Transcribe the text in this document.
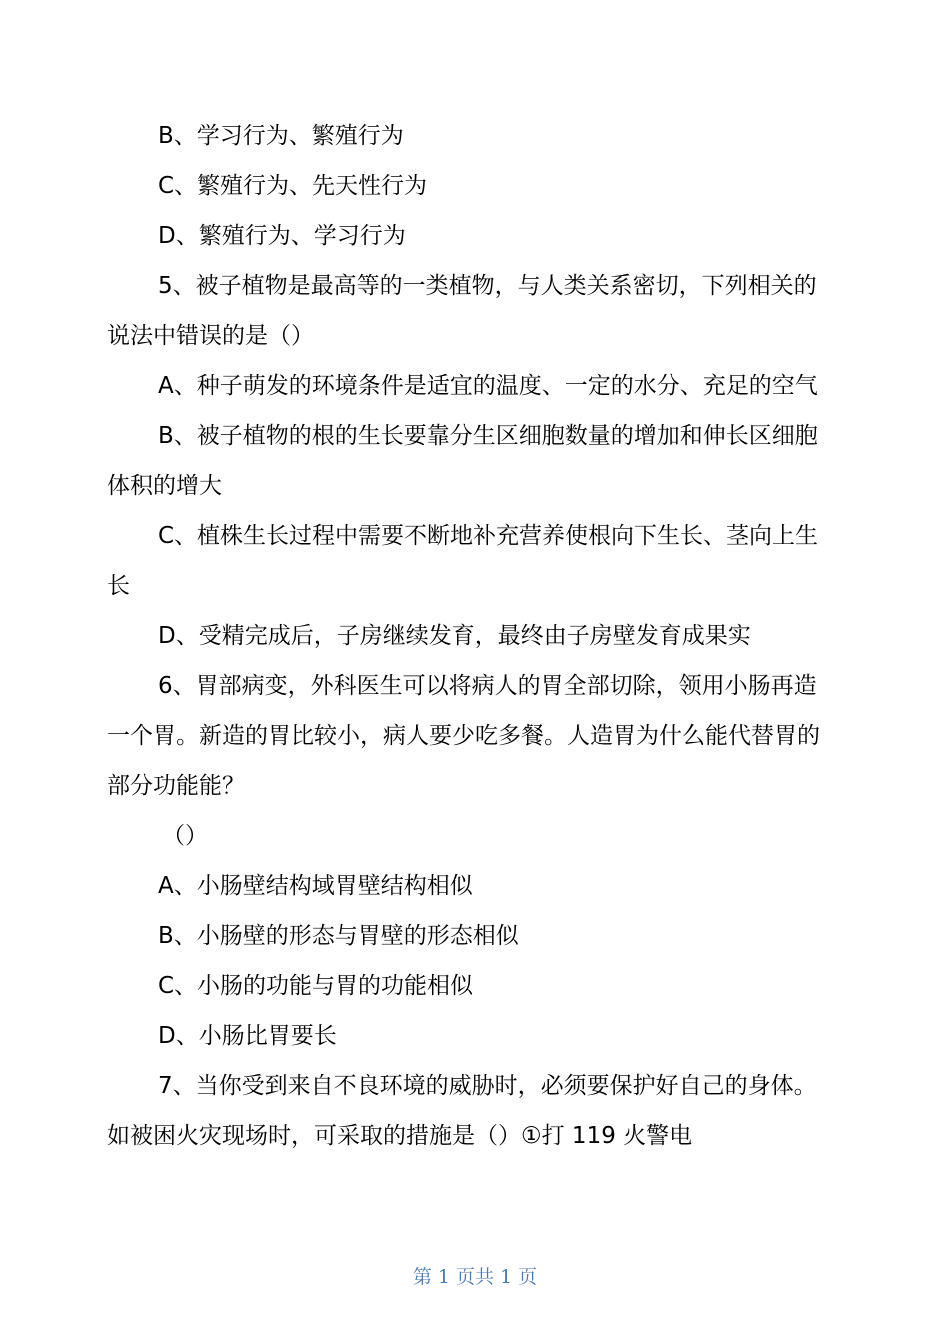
B、学习行为、繁殖行为

C、繁殖行为、先天性行为

D、繁殖行为、学习行为

5、被子植物是最高等的一类植物，与人类关系密切，下列相关的说法中错误的是（）

A、种子萌发的环境条件是适宜的温度、一定的水分、充足的空气

B、被子植物的根的生长要靠分生区细胞数量的增加和伸长区细胞体积的增大

C、植株生长过程中需要不断地补充营养使根向下生长、茎向上生长

D、受精完成后，子房继续发育，最终由子房壁发育成果实

6、胃部病变，外科医生可以将病人的胃全部切除，领用小肠再造一个胃。新造的胃比较小，病人要少吃多餐。人造胃为什么能代替胃的部分功能能？

（）

A、小肠壁结构域胃壁结构相似

B、小肠壁的形态与胃壁的形态相似

C、小肠的功能与胃的功能相似

D、小肠比胃要长

7、当你受到来自不良环境的威胁时，必须要保护好自己的身体。如被困火灾现场时，可采取的措施是（）①打 119 火警电

第 1 页共 1 页
